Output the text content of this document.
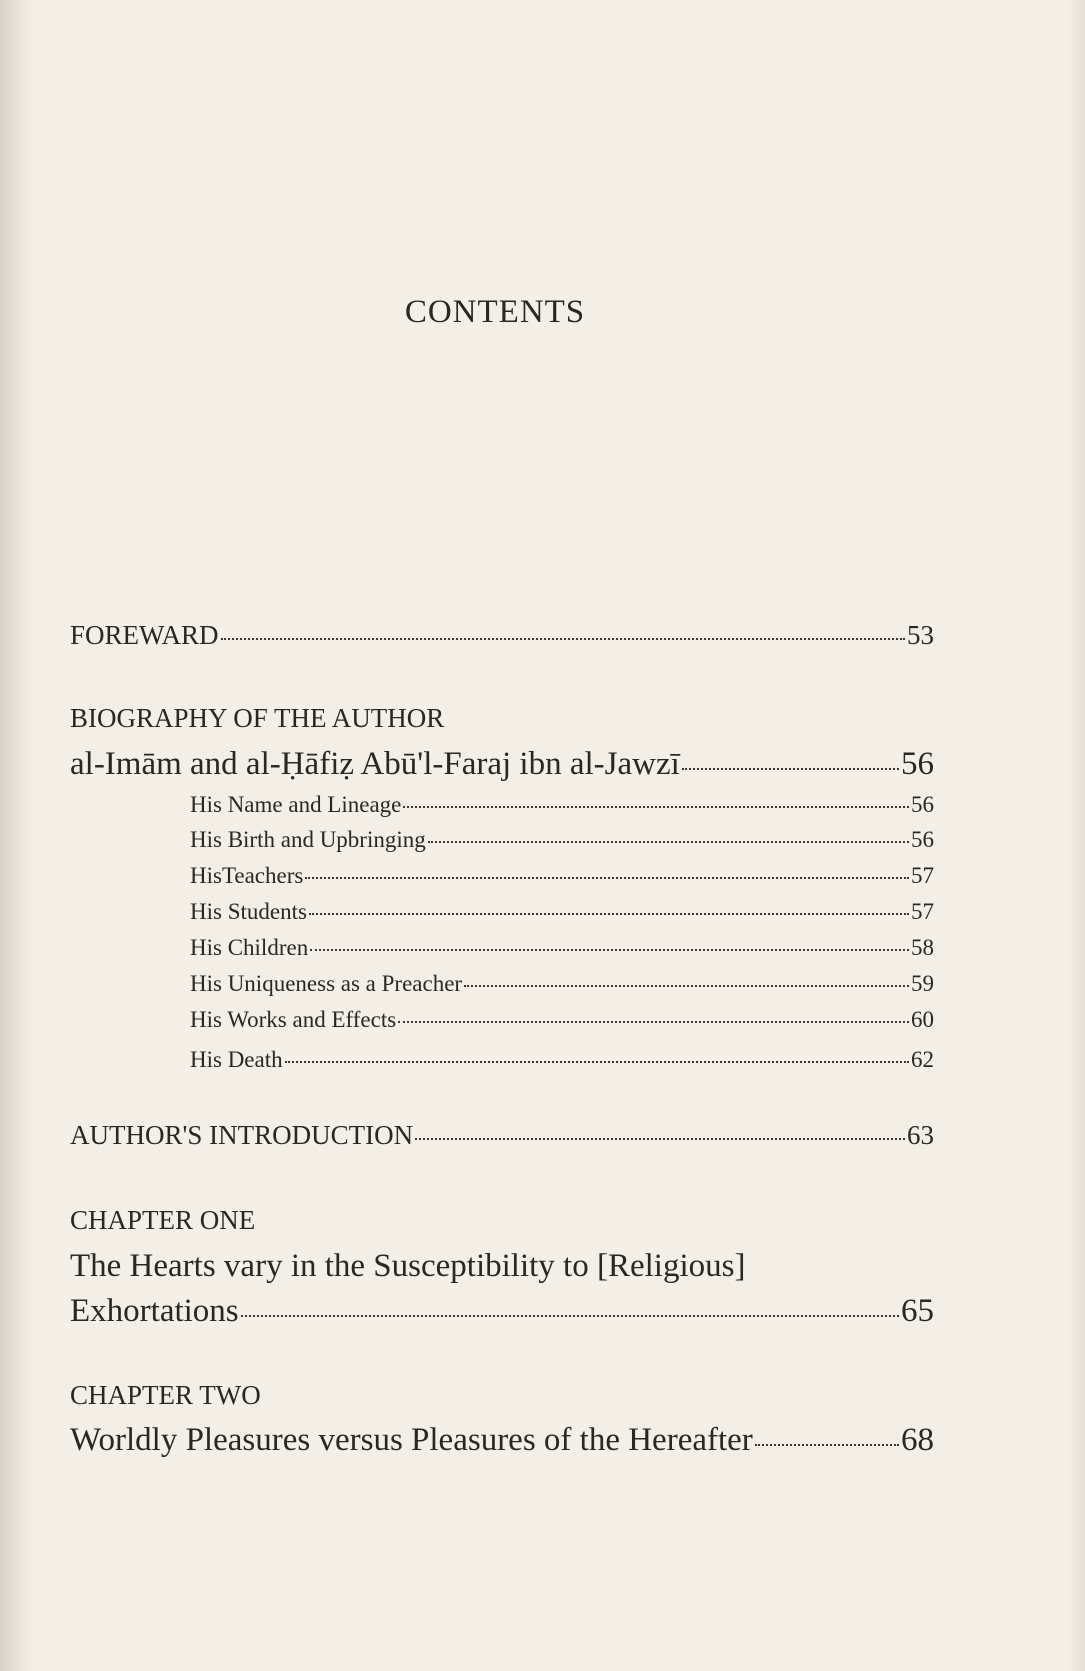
CONTENTS
FOREWARD	53
BIOGRAPHY OF THE AUTHOR
al-Imām and al-Ḥāfiẓ Abū'l-Faraj ibn al-Jawzī	56
His Name and Lineage	56
His Birth and Upbringing	56
HisTeachers	57
His Students	57
His Children	58
His Uniqueness as a Preacher	59
His Works and Effects	60
His Death	62
AUTHOR'S INTRODUCTION	63
CHAPTER ONE
The Hearts vary in the Susceptibility to [Religious]
Exhortations	65
CHAPTER TWO
Worldly Pleasures versus Pleasures of the Hereafter	68
